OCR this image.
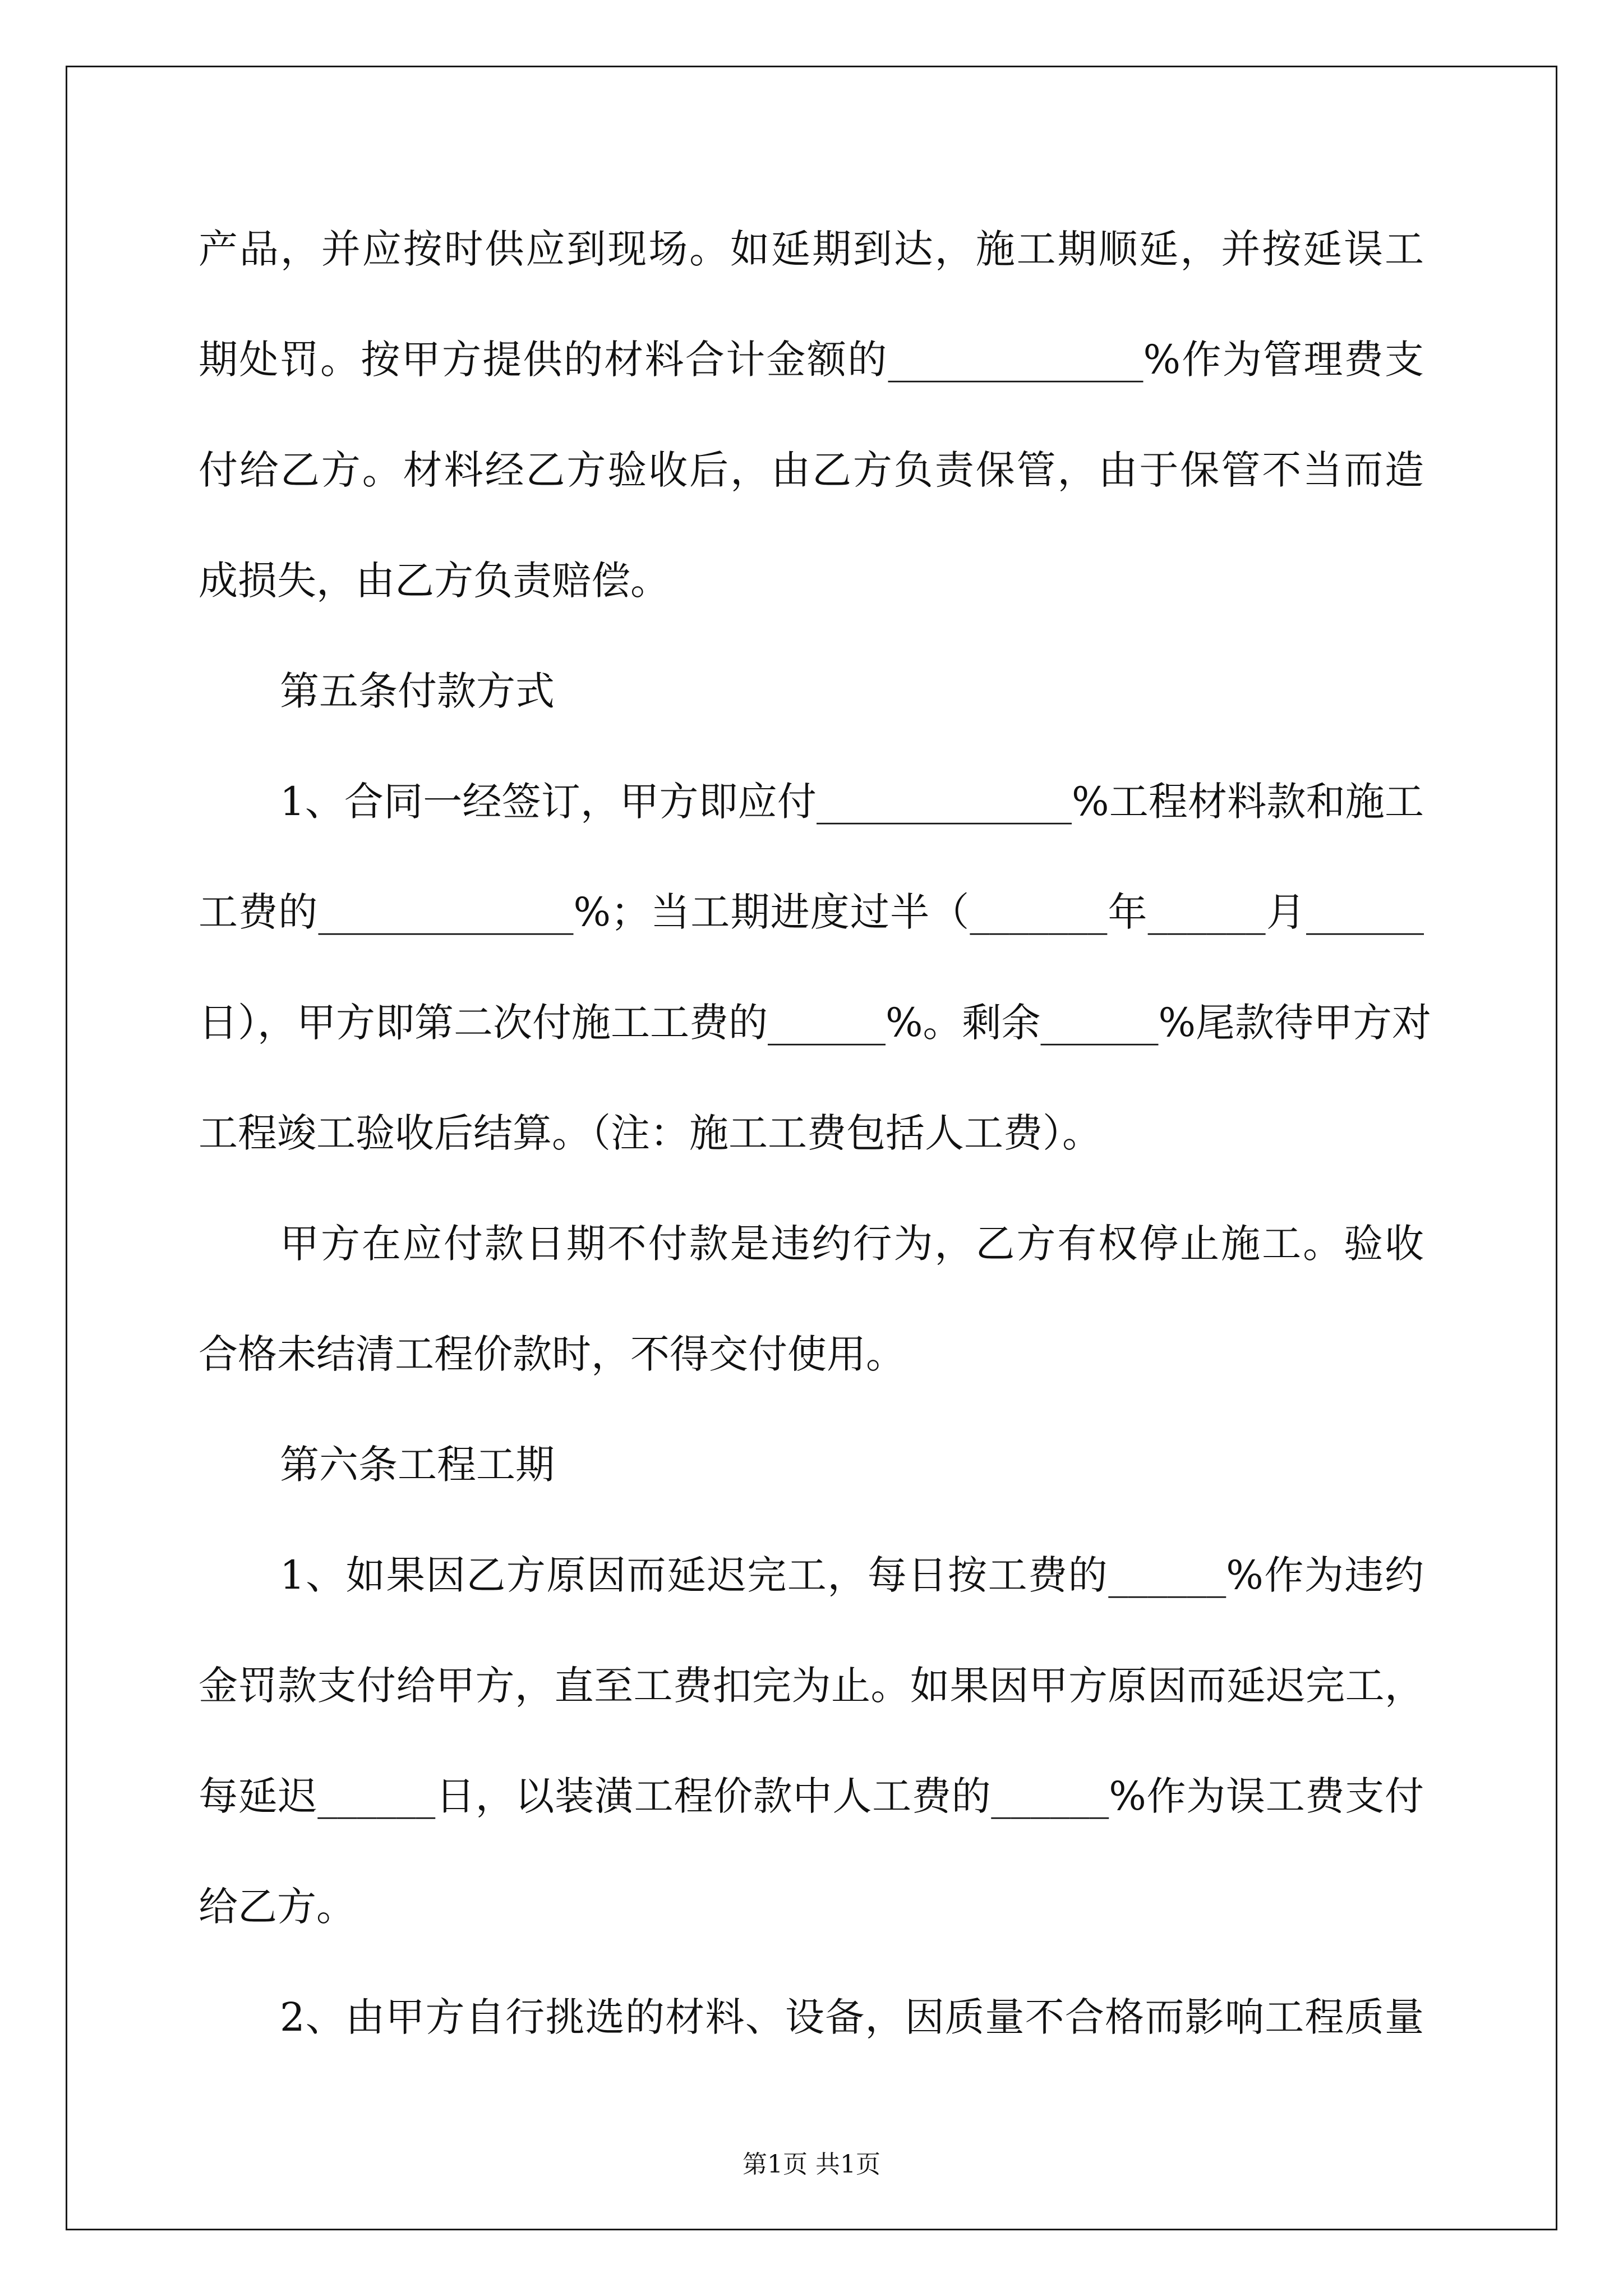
产品，并应按时供应到现场。如延期到达，施工期顺延，并按延误工
期处罚。按甲方提供的材料合计金额的_____________%作为管理费支
付给乙方。材料经乙方验收后，由乙方负责保管，由于保管不当而造
成损失，由乙方负责赔偿。
第五条付款方式
1、合同一经签订，甲方即应付_____________%工程材料款和施工
工费的_____________%；当工期进度过半（_______年______月______
日），甲方即第二次付施工工费的______%。剩余______%尾款待甲方对
工程竣工验收后结算。（注：施工工费包括人工费）。
甲方在应付款日期不付款是违约行为，乙方有权停止施工。验收
合格未结清工程价款时，不得交付使用。
第六条工程工期
1、如果因乙方原因而延迟完工，每日按工费的______%作为违约
金罚款支付给甲方，直至工费扣完为止。如果因甲方原因而延迟完工，
每延迟______日，以装潢工程价款中人工费的______%作为误工费支付
给乙方。
2、由甲方自行挑选的材料、设备，因质量不合格而影响工程质量
第1页 共1页
